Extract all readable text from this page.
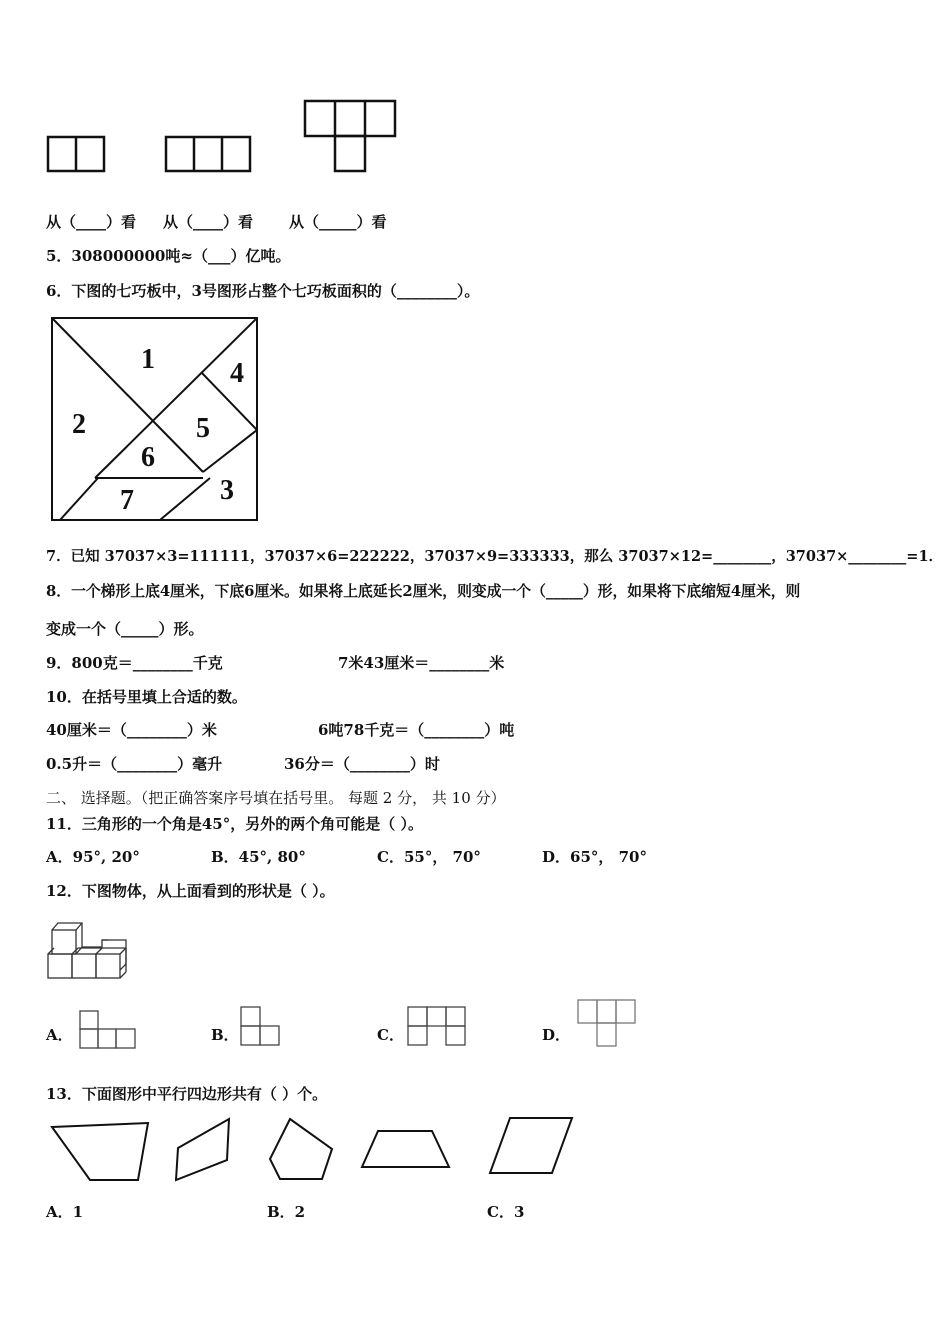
从（____）看 从（____）看 从（_____）看
5．308000000吨≈（___）亿吨。
6．下图的七巧板中，3号图形占整个七巧板面积的（________）。
1
2
3
4
5
6
7
7．已知 37037×3=111111，37037×6=222222，37037×9=333333，那么 37037×12=________，37037×________=1．
8．一个梯形上底4厘米，下底6厘米。如果将上底延长2厘米，则变成一个（_____）形，如果将下底缩短4厘米，则
变成一个（_____）形。
9．800克＝________千克	7米43厘米＝________米
10．在括号里填上合适的数。
40厘米＝（________）米	6吨78千克＝（________）吨
0.5升＝（________）毫升	36分＝（________）时
二、 选择题。（把正确答案序号填在括号里。 每题 2 分， 共 10 分）
11．三角形的一个角是45°，另外的两个角可能是（ ）。
A．95°, 20°	B．45°, 80°	C．55°， 70°	D．65°， 70°
12．下图物体，从上面看到的形状是（ ）。
A．	B．	C．	D．
13．下面图形中平行四边形共有（ ）个。
A．1	B．2	C．3
